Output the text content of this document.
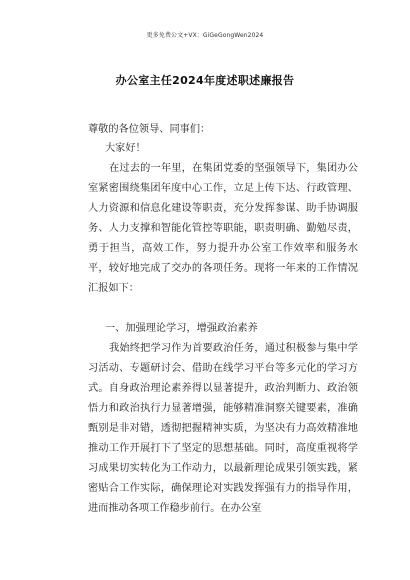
更多免费公文+VX：GiGeGongWen2024
办公室主任2024年度述职述廉报告
尊敬的各位领导、同事们：
大家好！
在过去的一年里，在集团党委的坚强领导下，集团办公室紧密围绕集团年度中心工作，立足上传下达、行政管理、人力资源和信息化建设等职责，充分发挥参谋、助手协调服务、人力支撑和智能化管控等职能，职责明确、勤勉尽责，勇于担当，高效工作，努力提升办公室工作效率和服务水平，较好地完成了交办的各项任务。现将一年来的工作情况汇报如下：
一、加强理论学习，增强政治素养
我始终把学习作为首要政治任务，通过积极参与集中学习活动、专题研讨会、借助在线学习平台等多元化的学习方式。自身政治理论素养得以显著提升，政治判断力、政治领悟力和政治执行力显著增强，能够精准洞察关键要素，准确甄别是非对错，透彻把握精神实质，为坚决有力高效精准地推动工作开展打下了坚定的思想基础。同时，高度重视将学习成果切实转化为工作动力，以最新理论成果引领实践，紧密贴合工作实际，确保理论对实践发挥强有力的指导作用，进而推动各项工作稳步前行。在办公室
